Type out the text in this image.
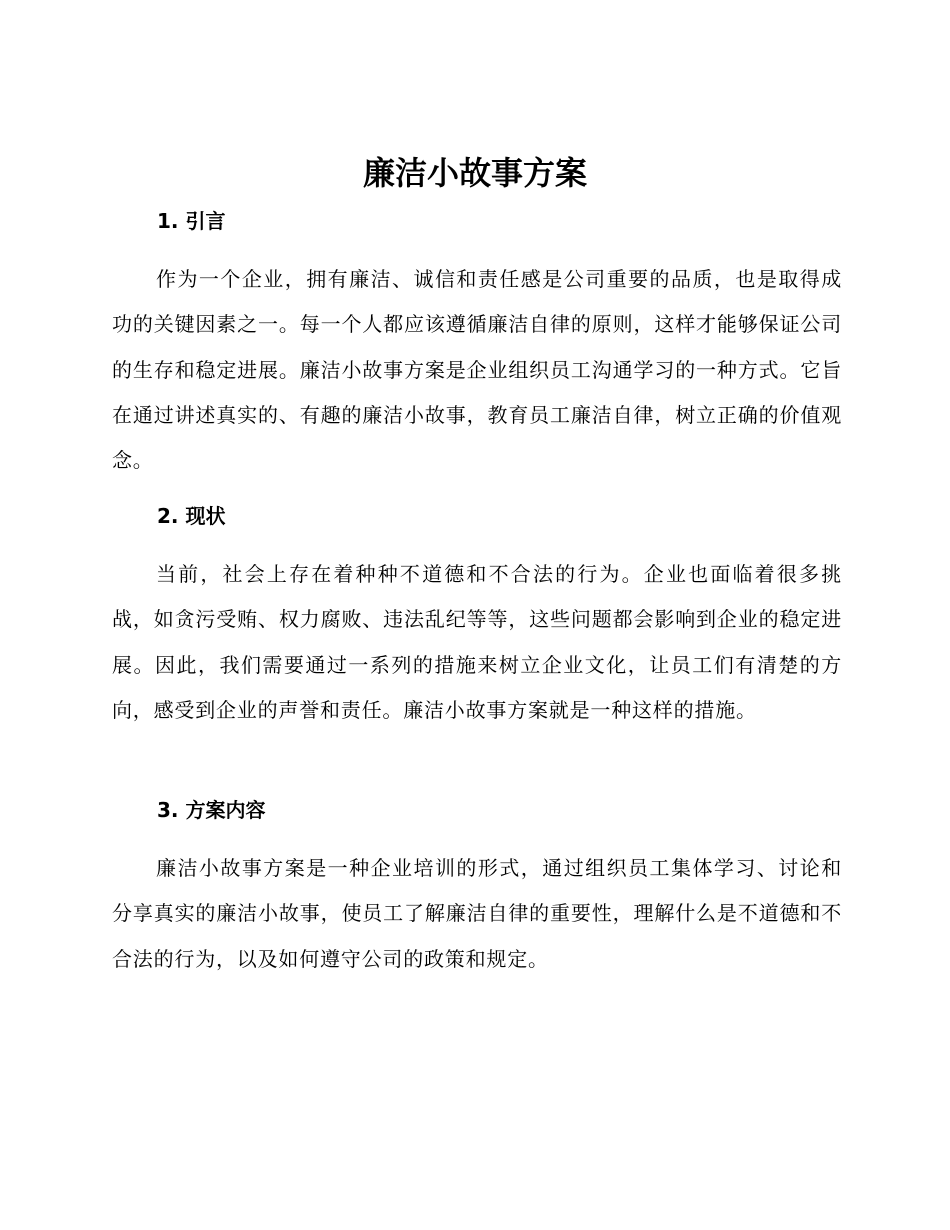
廉洁小故事方案
1. 引言

作为一个企业，拥有廉洁、诚信和责任感是公司重要的品质，也是取得成功的关键因素之一。每一个人都应该遵循廉洁自律的原则，这样才能够保证公司的生存和稳定进展。廉洁小故事方案是企业组织员工沟通学习的一种方式。它旨在通过讲述真实的、有趣的廉洁小故事，教育员工廉洁自律，树立正确的价值观念。

2. 现状

当前，社会上存在着种种不道德和不合法的行为。企业也面临着很多挑战，如贪污受贿、权力腐败、违法乱纪等等，这些问题都会影响到企业的稳定进展。因此，我们需要通过一系列的措施来树立企业文化，让员工们有清楚的方向，感受到企业的声誉和责任。廉洁小故事方案就是一种这样的措施。

3. 方案内容

廉洁小故事方案是一种企业培训的形式，通过组织员工集体学习、讨论和分享真实的廉洁小故事，使员工了解廉洁自律的重要性，理解什么是不道德和不合法的行为，以及如何遵守公司的政策和规定。
